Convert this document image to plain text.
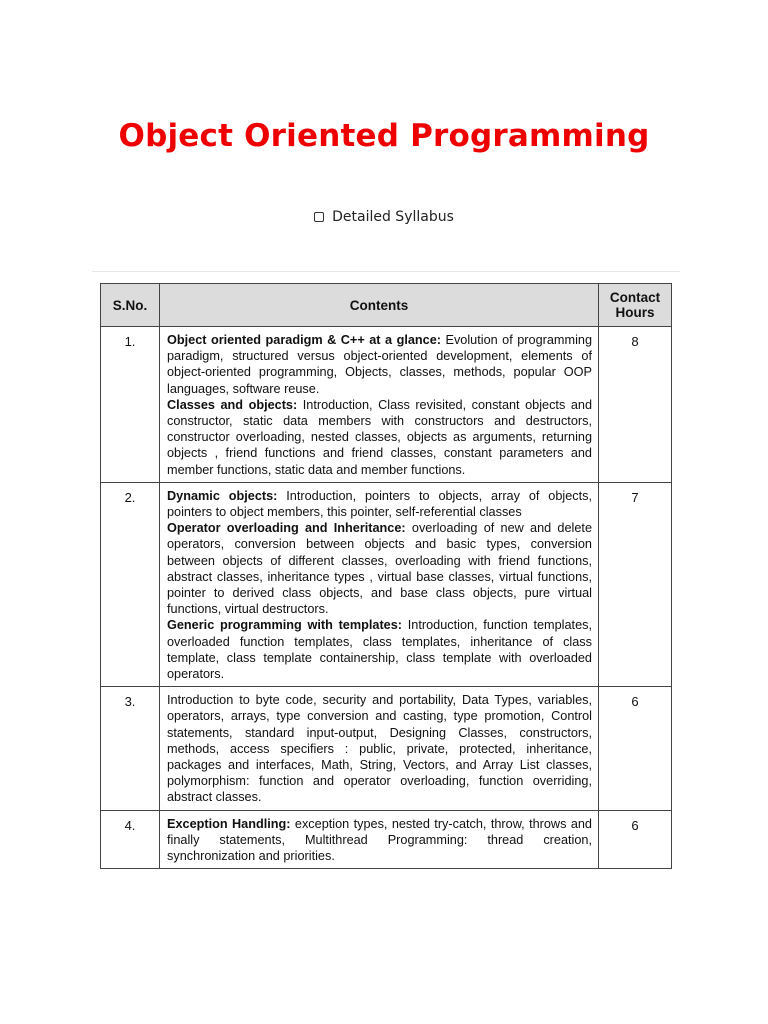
Object Oriented Programming
Detailed Syllabus
S.No.	Contents	Contact Hours
1.	Object oriented paradigm & C++ at a glance: Evolution of programming paradigm, structured versus object-oriented development, elements of object-oriented programming, Objects, classes, methods, popular OOP languages, software reuse.

Classes and objects: Introduction, Class revisited, constant objects and constructor, static data members with constructors and destructors, constructor overloading, nested classes, objects as arguments, returning objects , friend functions and friend classes, constant parameters and member functions, static data and member functions.	8
2.	Dynamic objects: Introduction, pointers to objects, array of objects, pointers to object members, this pointer, self-referential classes

Operator overloading and Inheritance: overloading of new and delete operators, conversion between objects and basic types, conversion between objects of different classes, overloading with friend functions, abstract classes, inheritance types , virtual base classes, virtual functions, pointer to derived class objects, and base class objects, pure virtual functions, virtual destructors.

Generic programming with templates: Introduction, function templates, overloaded function templates, class templates, inheritance of class template, class template containership, class template with overloaded operators.	7
3.	Introduction to byte code, security and portability, Data Types, variables, operators, arrays, type conversion and casting, type promotion, Control statements, standard input-output, Designing Classes, constructors, methods, access specifiers : public, private, protected, inheritance, packages and interfaces, Math, String, Vectors, and Array List classes, polymorphism: function and operator overloading, function overriding, abstract classes.	6
4.	Exception Handling: exception types, nested try-catch, throw, throws and finally statements, Multithread Programming: thread creation, synchronization and priorities.	6
